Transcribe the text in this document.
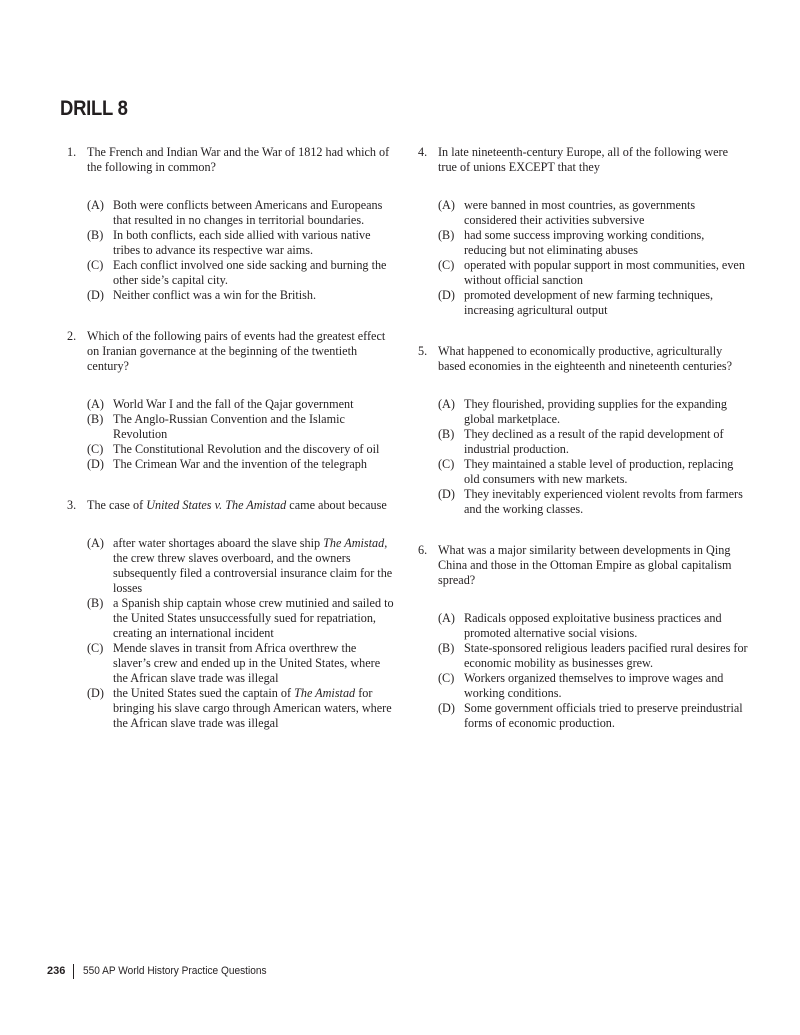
DRILL 8
1. The French and Indian War and the War of 1812 had which of the following in common?
(A) Both were conflicts between Americans and Europeans that resulted in no changes in territorial boundaries.
(B) In both conflicts, each side allied with various native tribes to advance its respective war aims.
(C) Each conflict involved one side sacking and burning the other side’s capital city.
(D) Neither conflict was a win for the British.
2. Which of the following pairs of events had the greatest effect on Iranian governance at the beginning of the twentieth century?
(A) World War I and the fall of the Qajar government
(B) The Anglo-Russian Convention and the Islamic Revolution
(C) The Constitutional Revolution and the discovery of oil
(D) The Crimean War and the invention of the telegraph
3. The case of United States v. The Amistad came about because
(A) after water shortages aboard the slave ship The Amistad, the crew threw slaves overboard, and the owners subsequently filed a controversial insurance claim for the losses
(B) a Spanish ship captain whose crew mutinied and sailed to the United States unsuccessfully sued for repatriation, creating an international incident
(C) Mende slaves in transit from Africa overthrew the slaver’s crew and ended up in the United States, where the African slave trade was illegal
(D) the United States sued the captain of The Amistad for bringing his slave cargo through American waters, where the African slave trade was illegal
4. In late nineteenth-century Europe, all of the following were true of unions EXCEPT that they
(A) were banned in most countries, as governments considered their activities subversive
(B) had some success improving working conditions, reducing but not eliminating abuses
(C) operated with popular support in most communities, even without official sanction
(D) promoted development of new farming techniques, increasing agricultural output
5. What happened to economically productive, agriculturally based economies in the eighteenth and nineteenth centuries?
(A) They flourished, providing supplies for the expanding global marketplace.
(B) They declined as a result of the rapid development of industrial production.
(C) They maintained a stable level of production, replacing old consumers with new markets.
(D) They inevitably experienced violent revolts from farmers and the working classes.
6. What was a major similarity between developments in Qing China and those in the Ottoman Empire as global capitalism spread?
(A) Radicals opposed exploitative business practices and promoted alternative social visions.
(B) State-sponsored religious leaders pacified rural desires for economic mobility as businesses grew.
(C) Workers organized themselves to improve wages and working conditions.
(D) Some government officials tried to preserve preindustrial forms of economic production.
236 550 AP World History Practice Questions
